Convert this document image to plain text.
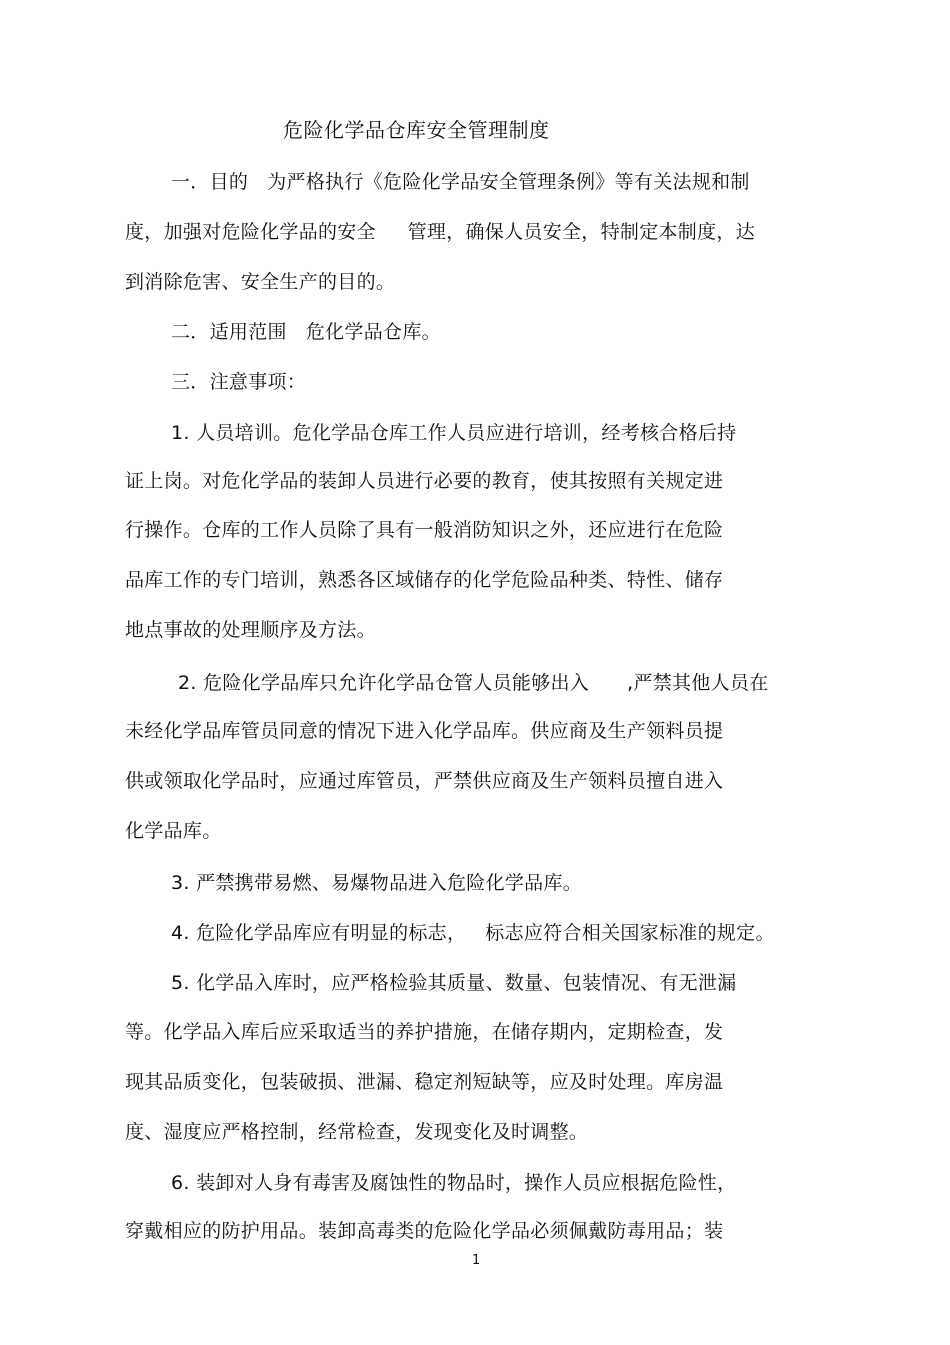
危险化学品仓库安全管理制度
一．目的   为严格执行《危险化学品安全管理条例》等有关法规和制
度，加强对危险化学品的安全     管理，确保人员安全，特制定本制度，达
到消除危害、安全生产的目的。
二．适用范围   危化学品仓库。
三．注意事项：
1. 人员培训。危化学品仓库工作人员应进行培训，经考核合格后持
证上岗。对危化学品的装卸人员进行必要的教育，使其按照有关规定进
行操作。仓库的工作人员除了具有一般消防知识之外，还应进行在危险
品库工作的专门培训，熟悉各区域储存的化学危险品种类、特性、储存
地点事故的处理顺序及方法。
2. 危险化学品库只允许化学品仓管人员能够出入      ,严禁其他人员在
未经化学品库管员同意的情况下进入化学品库。供应商及生产领料员提
供或领取化学品时，应通过库管员，严禁供应商及生产领料员擅自进入
化学品库。
3. 严禁携带易燃、易爆物品进入危险化学品库。
4. 危险化学品库应有明显的标志，   标志应符合相关国家标准的规定。
5. 化学品入库时，应严格检验其质量、数量、包装情况、有无泄漏
等。化学品入库后应采取适当的养护措施，在储存期内，定期检查，发
现其品质变化，包装破损、泄漏、稳定剂短缺等，应及时处理。库房温
度、湿度应严格控制，经常检查，发现变化及时调整。
6. 装卸对人身有毒害及腐蚀性的物品时，操作人员应根据危险性，
穿戴相应的防护用品。装卸高毒类的危险化学品必须佩戴防毒用品；装
1
